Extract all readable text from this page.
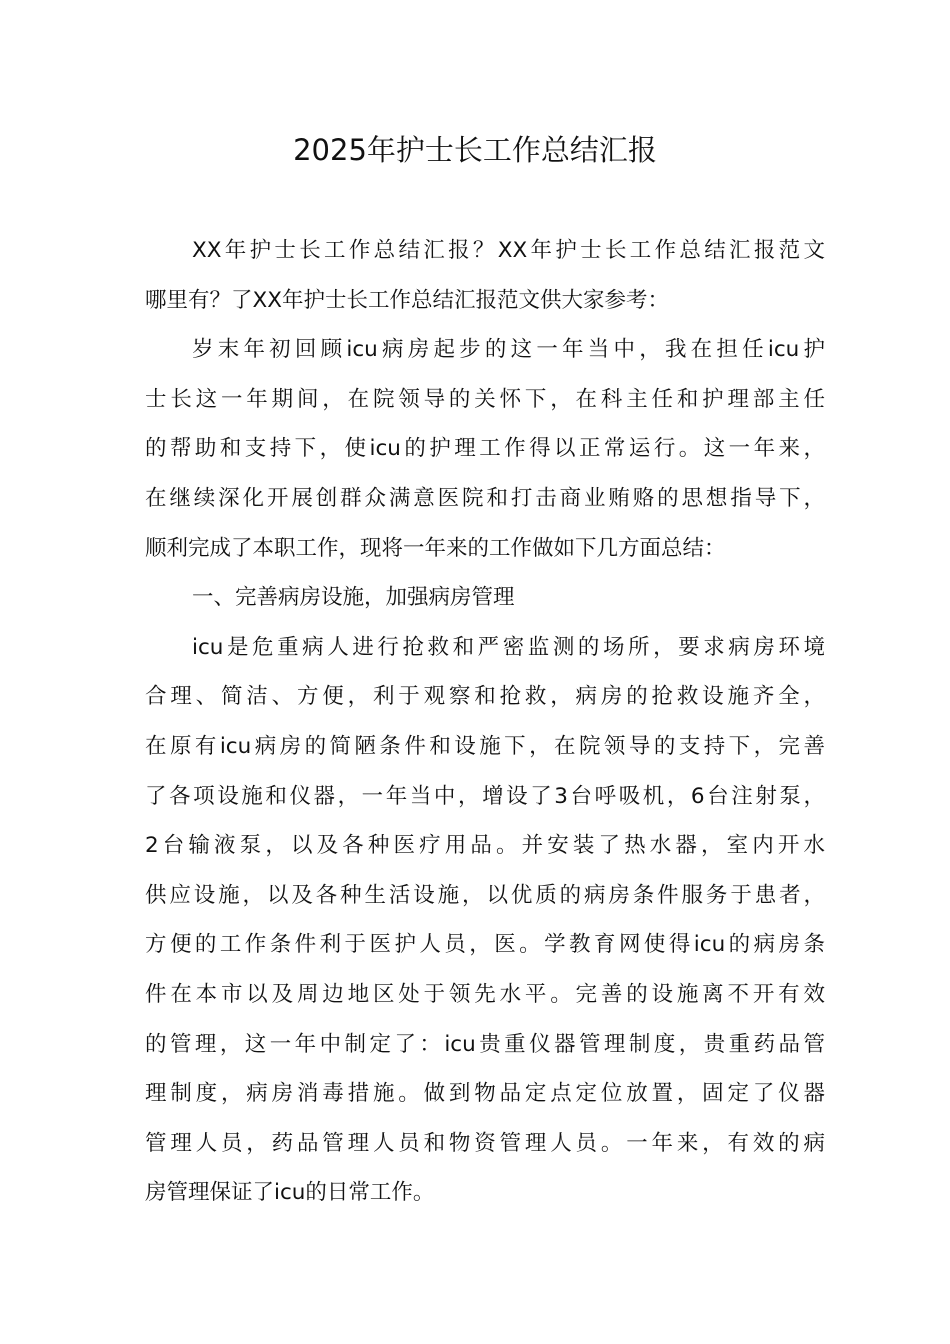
2025年护士长工作总结汇报
XX年护士长工作总结汇报？XX年护士长工作总结汇报范文
哪里有？了XX年护士长工作总结汇报范文供大家参考：
岁末年初回顾icu病房起步的这一年当中，我在担任icu护
士长这一年期间，在院领导的关怀下，在科主任和护理部主任
的帮助和支持下，使icu的护理工作得以正常运行。这一年来，
在继续深化开展创群众满意医院和打击商业贿赂的思想指导下，
顺利完成了本职工作，现将一年来的工作做如下几方面总结：
一、完善病房设施，加强病房管理
icu是危重病人进行抢救和严密监测的场所，要求病房环境
合理、简洁、方便，利于观察和抢救，病房的抢救设施齐全，
在原有icu病房的简陋条件和设施下，在院领导的支持下，完善
了各项设施和仪器，一年当中，增设了3台呼吸机，6台注射泵，
2台输液泵，以及各种医疗用品。并安装了热水器，室内开水
供应设施，以及各种生活设施，以优质的病房条件服务于患者，
方便的工作条件利于医护人员，医。学教育网使得icu的病房条
件在本市以及周边地区处于领先水平。完善的设施离不开有效
的管理，这一年中制定了：icu贵重仪器管理制度，贵重药品管
理制度，病房消毒措施。做到物品定点定位放置，固定了仪器
管理人员，药品管理人员和物资管理人员。一年来，有效的病
房管理保证了icu的日常工作。
